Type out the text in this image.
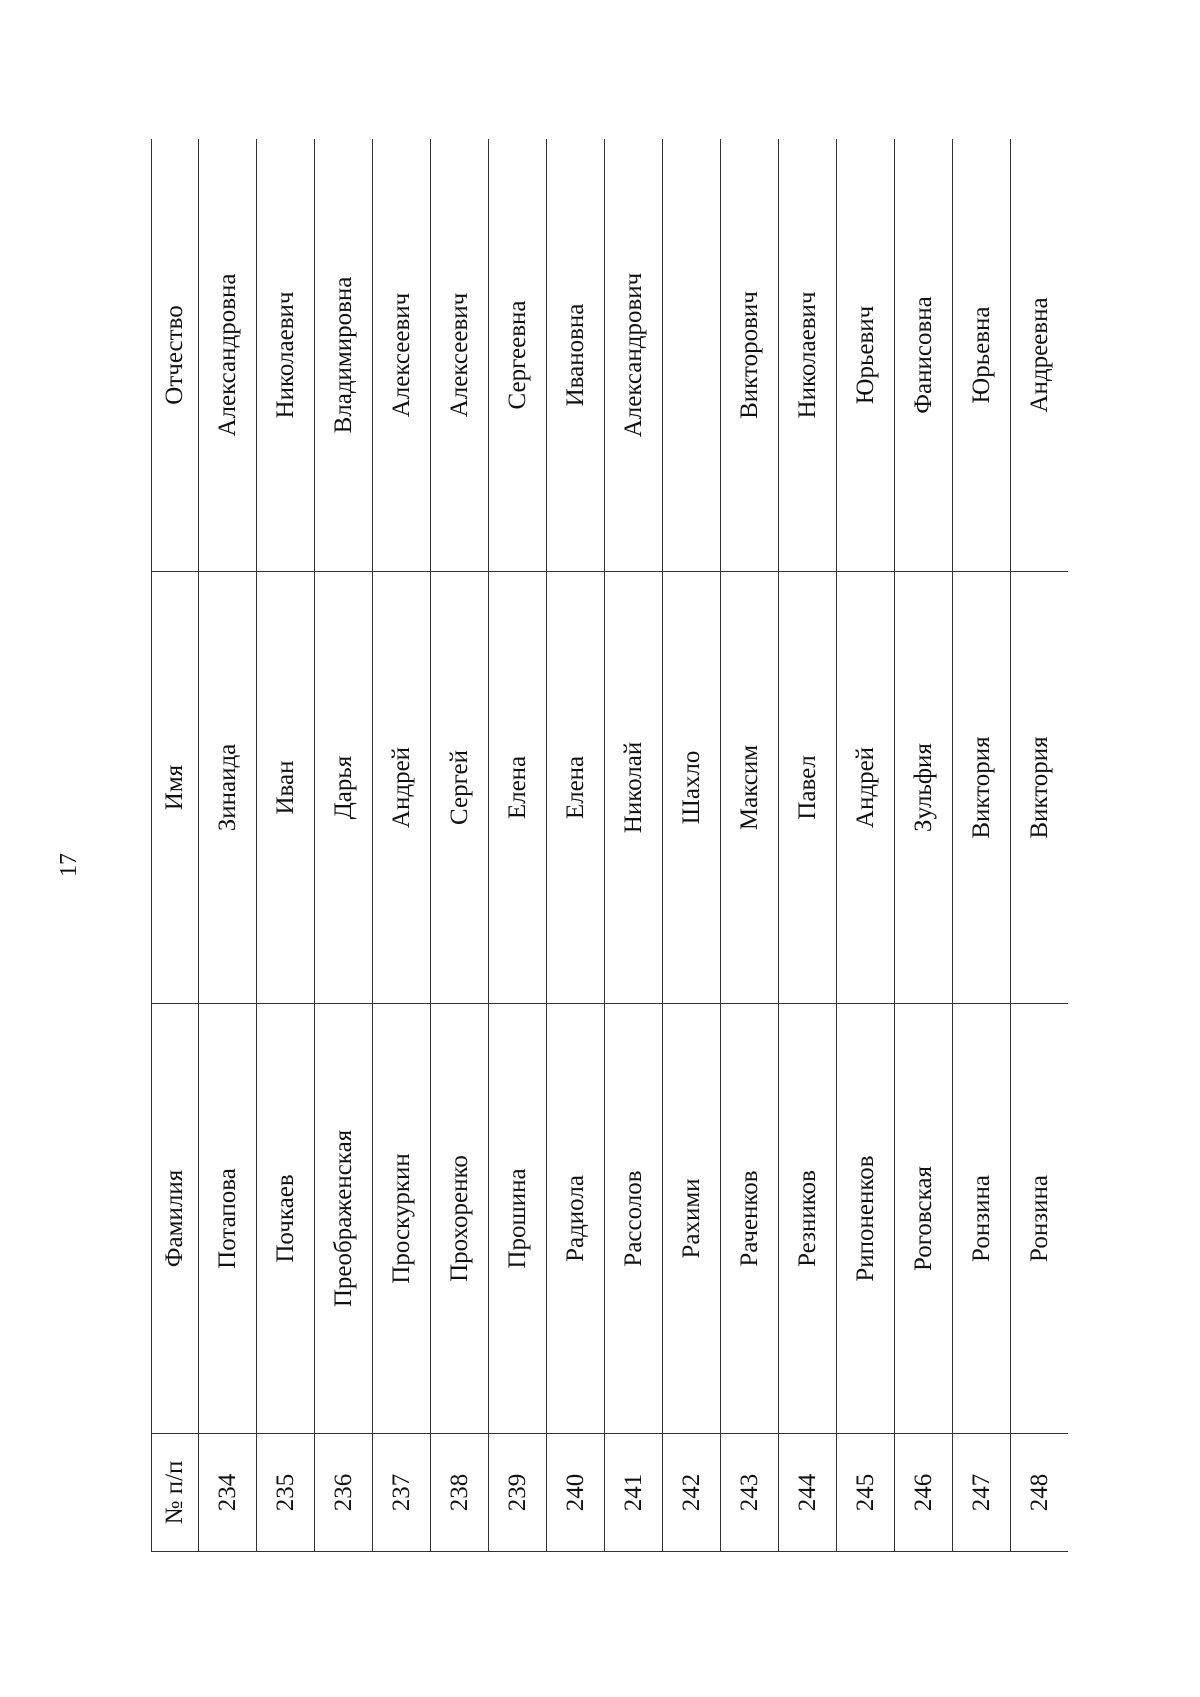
17
№ п/п	Фамилия	Имя	Отчество
234	Потапова	Зинаида	Александровна
235	Почкаев	Иван	Николаевич
236	Преображенская	Дарья	Владимировна
237	Проскуркин	Андрей	Алексеевич
238	Прохоренко	Сергей	Алексеевич
239	Прошина	Елена	Сергеевна
240	Радиола	Елена	Ивановна
241	Рассолов	Николай	Александрович
242	Рахими	Шахло	
243	Раченков	Максим	Викторович
244	Резников	Павел	Николаевич
245	Рипоненков	Андрей	Юрьевич
246	Роговская	Зульфия	Фанисовна
247	Ронзина	Виктория	Юрьевна
248	Ронзина	Виктория	Андреевна
